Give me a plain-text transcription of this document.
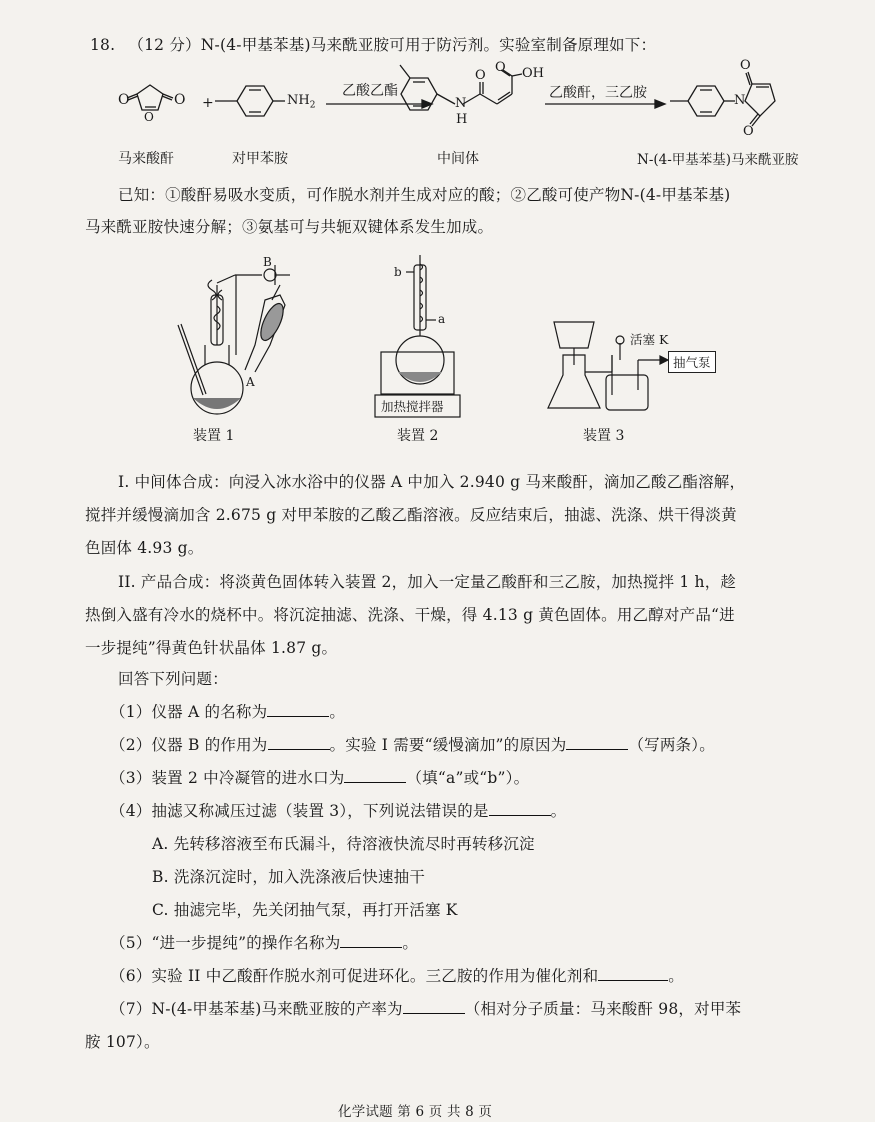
18. （12 分）N-(4-甲基苯基)马来酰亚胺可用于防污剂。实验室制备原理如下：
O
O
O +	$NH_2$
乙酸乙酯
N
H
O
O OH
乙酸酐，三乙胺	N
O
O
马来酸酐	对甲苯胺	中间体	N-(4-甲基苯基)马来酰亚胺
已知：①酸酐易吸水变质，可作脱水剂并生成对应的酸；②乙酸可使产物N-(4-甲基苯基)
马来酰亚胺快速分解；③氨基可与共轭双键体系发生加成。
B
A
b
a
加热搅拌器
活塞 K
抽气泵
装置 1	装置 2	装置 3
I. 中间体合成：向浸入冰水浴中的仪器 A 中加入 2.940 g 马来酸酐，滴加乙酸乙酯溶解，
搅拌并缓慢滴加含 2.675 g 对甲苯胺的乙酸乙酯溶液。反应结束后，抽滤、洗涤、烘干得淡黄
色固体 4.93 g。
II. 产品合成：将淡黄色固体转入装置 2，加入一定量乙酸酐和三乙胺，加热搅拌 1 h，趁
热倒入盛有冷水的烧杯中。将沉淀抽滤、洗涤、干燥，得 4.13 g 黄色固体。用乙醇对产品“进
一步提纯”得黄色针状晶体 1.87 g。
回答下列问题：
（1）仪器 A 的名称为	。
（2）仪器 B 的作用为	。实验 I 需要“缓慢滴加”的原因为	（写两条）。
（3）装置 2 中冷凝管的进水口为	（填“a”或“b”）。
（4）抽滤又称减压过滤（装置 3），下列说法错误的是	。
A. 先转移溶液至布氏漏斗，待溶液快流尽时再转移沉淀
B. 洗涤沉淀时，加入洗涤液后快速抽干
C. 抽滤完毕，先关闭抽气泵，再打开活塞 K
（5）“进一步提纯”的操作名称为	。
（6）实验 II 中乙酸酐作脱水剂可促进环化。三乙胺的作用为催化剂和	。
（7）N-(4-甲基苯基)马来酰亚胺的产率为	（相对分子质量：马来酸酐 98，对甲苯
胺 107）。
化学试题 第 6 页 共 8 页
